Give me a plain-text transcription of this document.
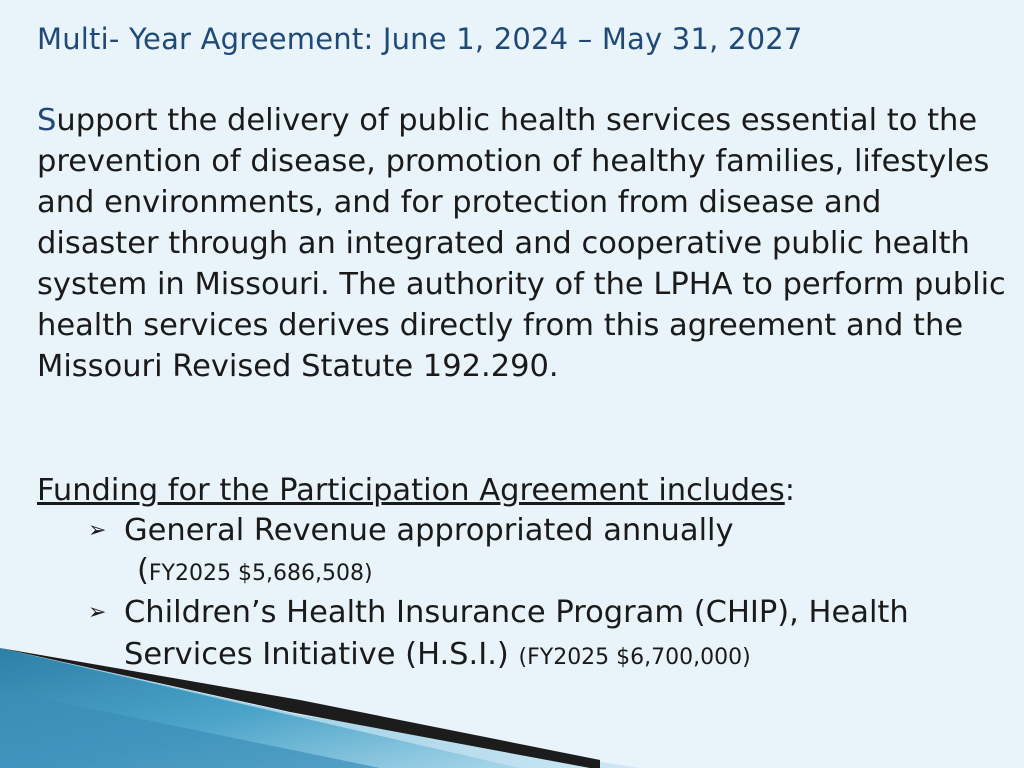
Multi- Year Agreement: June 1, 2024 – May 31, 2027
Support the delivery of public health services essential to the prevention of disease, promotion of healthy families, lifestyles and environments, and for protection from disease and disaster through an integrated and cooperative public health system in Missouri. The authority of the LPHA to perform public health services derives directly from this agreement and the Missouri Revised Statute 192.290.
Funding for the Participation Agreement includes:
➢ General Revenue appropriated annually
(FY2025 $5,686,508)
➢ Children’s Health Insurance Program (CHIP), Health
Services Initiative (H.S.I.) (FY2025 $6,700,000)
